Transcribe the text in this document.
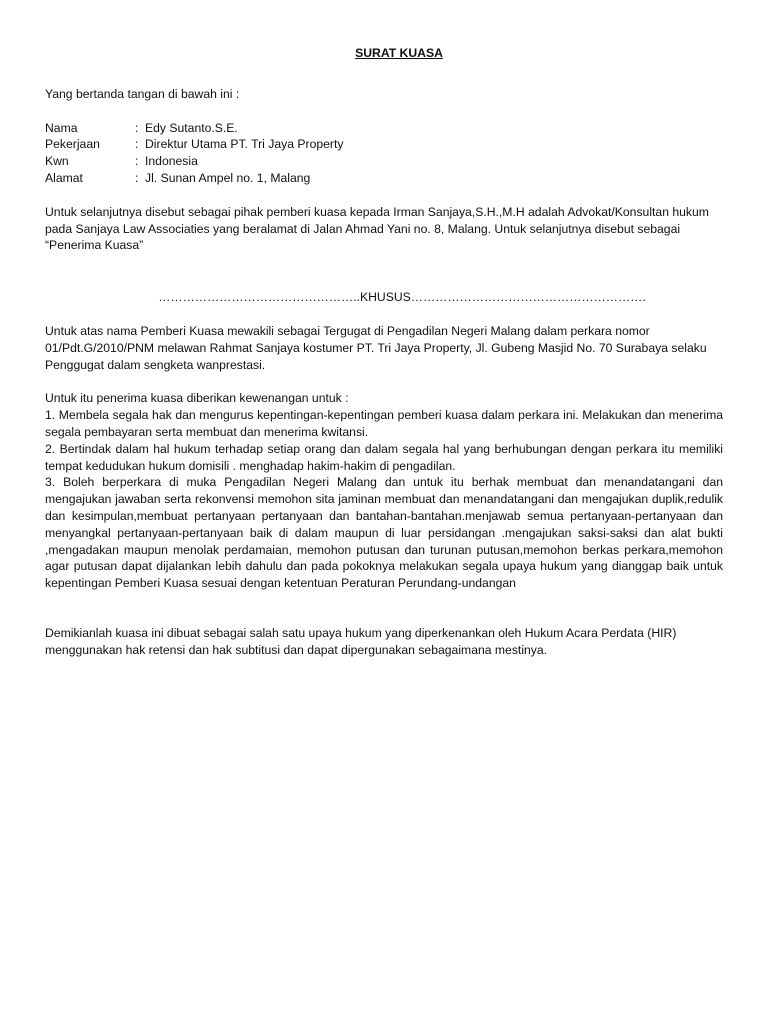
SURAT KUASA

Yang bertanda tangan di bawah ini :

Nama	: Edy Sutanto.S.E.
Pekerjaan	: Direktur Utama PT. Tri Jaya Property
Kwn	: Indonesia
Alamat	: Jl. Sunan Ampel no. 1, Malang

Untuk selanjutnya disebut sebagai pihak pemberi kuasa kepada Irman Sanjaya,S.H.,M.H adalah Advokat/Konsultan hukum pada Sanjaya Law Associaties yang beralamat di Jalan Ahmad Yani no. 8, Malang. Untuk selanjutnya disebut sebagai “Penerima Kuasa”

…………………………………………..KHUSUS………………………………………………….

Untuk atas nama Pemberi Kuasa mewakili sebagai Tergugat di Pengadilan Negeri Malang dalam perkara nomor 01/Pdt.G/2010/PNM melawan Rahmat Sanjaya kostumer PT. Tri Jaya Property, Jl. Gubeng Masjid No. 70 Surabaya selaku Penggugat dalam sengketa wanprestasi.

Untuk itu penerima kuasa diberikan kewenangan untuk :

1. Membela segala hak dan mengurus kepentingan-kepentingan pemberi kuasa dalam perkara ini. Melakukan dan menerima segala pembayaran serta membuat dan menerima kwitansi.

2. Bertindak dalam hal hukum terhadap setiap orang dan dalam segala hal yang berhubungan dengan perkara itu memiliki tempat kedudukan hukum domisili . menghadap hakim-hakim di pengadilan.

3. Boleh berperkara di muka Pengadilan Negeri Malang dan untuk itu berhak membuat dan menandatangani dan mengajukan jawaban serta rekonvensi memohon sita jaminan membuat dan menandatangani dan mengajukan duplik,redulik dan kesimpulan,membuat pertanyaan pertanyaan dan bantahan-bantahan.menjawab semua pertanyaan-pertanyaan dan menyangkal pertanyaan-pertanyaan baik di dalam maupun di luar persidangan .mengajukan saksi-saksi dan alat bukti ,mengadakan maupun menolak perdamaian, memohon putusan dan turunan putusan,memohon berkas perkara,memohon agar putusan dapat dijalankan lebih dahulu dan pada pokoknya melakukan segala upaya hukum yang dianggap baik untuk kepentingan Pemberi Kuasa sesuai dengan ketentuan Peraturan Perundang-undangan

Demikianlah kuasa ini dibuat sebagai salah satu upaya hukum yang diperkenankan oleh Hukum Acara Perdata (HIR) menggunakan hak retensi dan hak subtitusi dan dapat dipergunakan sebagaimana mestinya.
